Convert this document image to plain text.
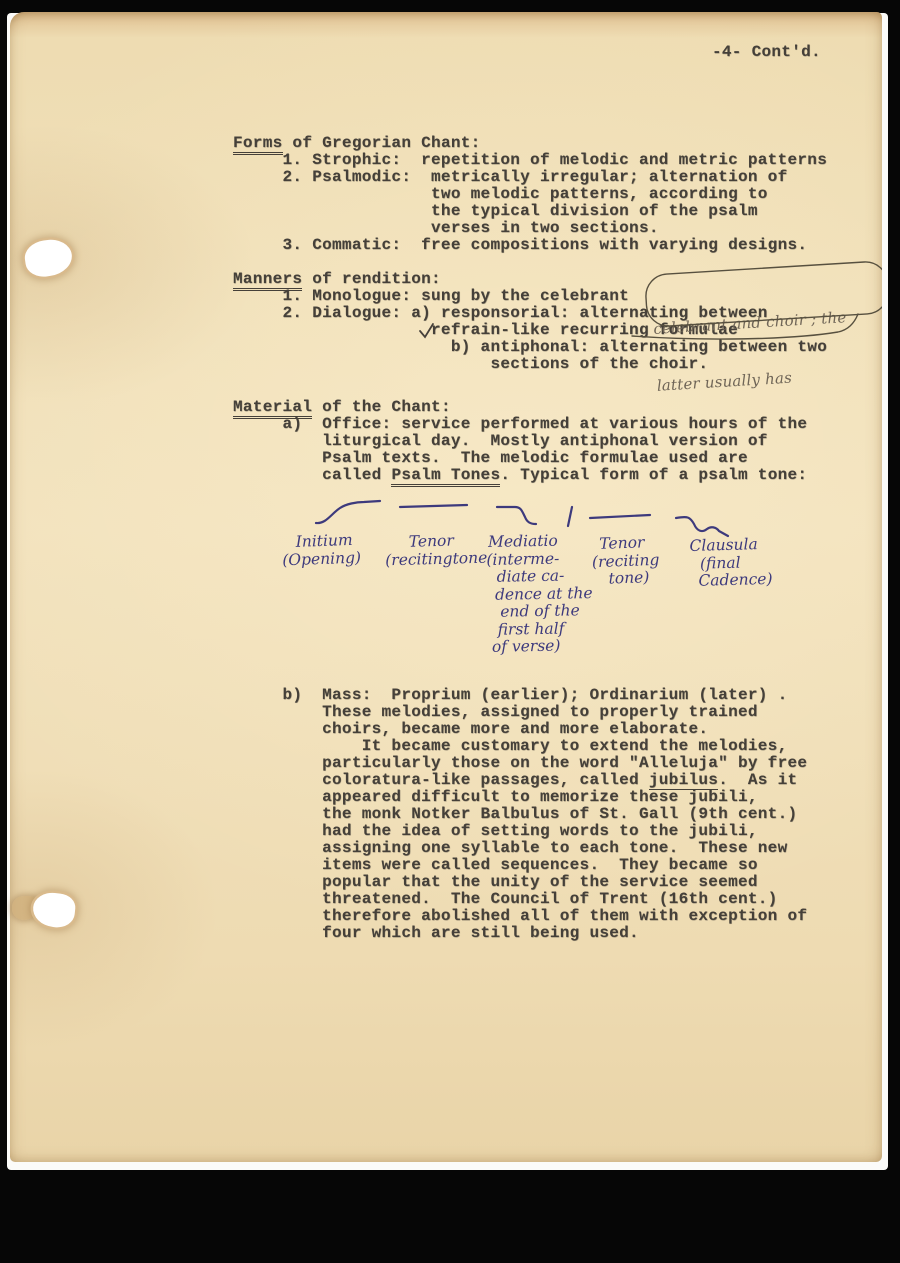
-4- Cont'd.
Forms of Gregorian Chant:
1. Strophic:  repetition of melodic and metric patterns
2. Psalmodic:  metrically irregular; alternation of
two melodic patterns, according to
the typical division of the psalm
verses in two sections.
3. Commatic:  free compositions with varying designs.
Manners of rendition:
1. Monologue: sung by the celebrant
2. Dialogue: a) responsorial: alternating between
refrain-like recurring formulae
b) antiphonal: alternating between two
sections of the choir.
Material of the Chant:
a)  Office: service performed at various hours of the
liturgical day.  Mostly antiphonal version of
Psalm texts.  The melodic formulae used are
called Psalm Tones. Typical form of a psalm tone:
Initium
(Opening)
Tenor
(recitingtone
Mediatio
(interme-
diate ca-
dence at the
end of the
first half
of verse)
Tenor
(reciting
tone)
Clausula
(final
Cadence)

celebrant and choir ; the

latter usually has

b)  Mass:  Proprium (earlier); Ordinarium (later) .
These melodies, assigned to properly trained
choirs, became more and more elaborate.
It became customary to extend the melodies,
particularly those on the word "Alleluja" by free
coloratura-like passages, called jubilus.  As it
appeared difficult to memorize these jubili,
the monk Notker Balbulus of St. Gall (9th cent.)
had the idea of setting words to the jubili,
assigning one syllable to each tone.  These new
items were called sequences.  They became so
popular that the unity of the service seemed
threatened.  The Council of Trent (16th cent.)
therefore abolished all of them with exception of
four which are still being used.
